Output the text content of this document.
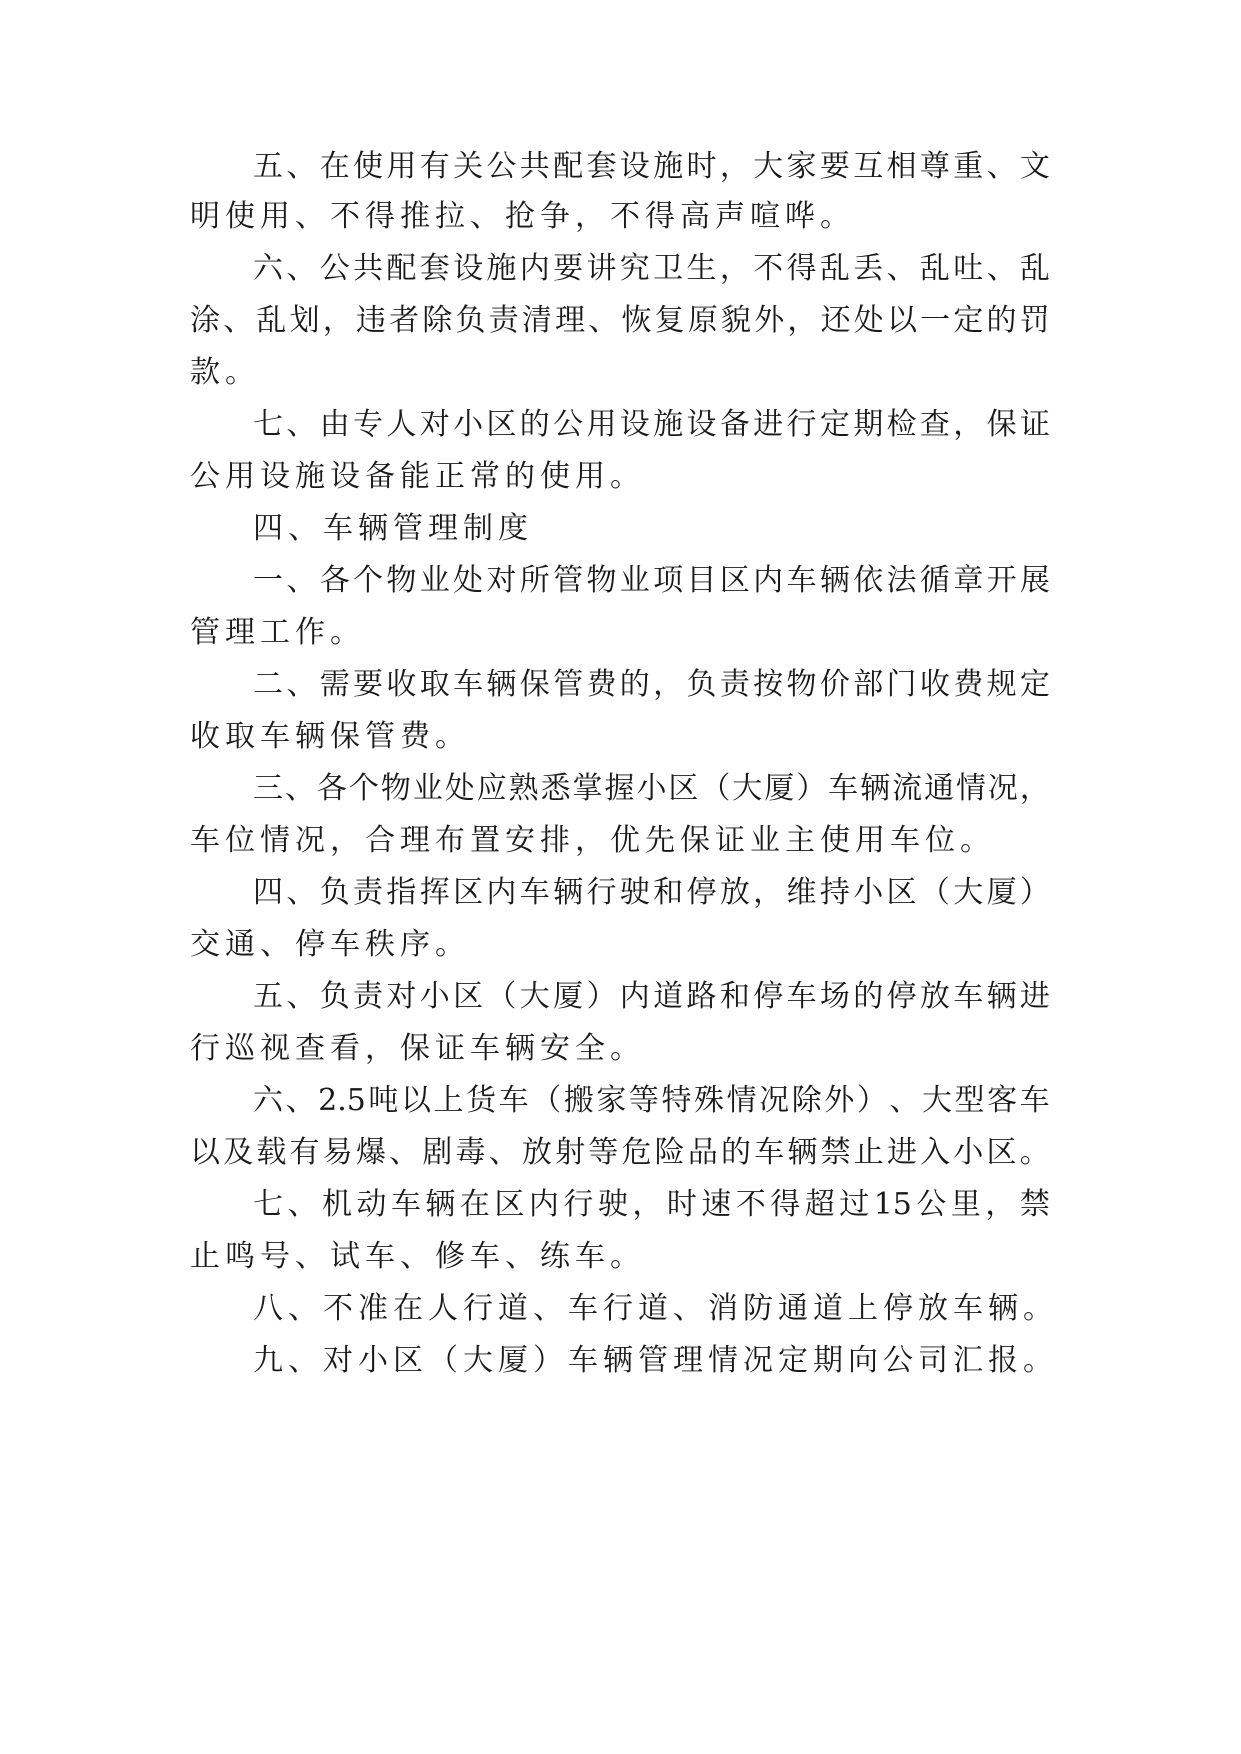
五 、 在 使 用 有 关 公 共 配 套 设 施 时 ， 大 家 要 互 相 尊 重 、 文
明使用、不得推拉、抢争，不得高声喧哗。
六 、 公 共 配 套 设 施 内 要 讲 究 卫 生 ， 不 得 乱 丢 、 乱 吐 、 乱
涂 、 乱 划 ， 违 者 除 负 责 清 理 、 恢 复 原 貌 外 ， 还 处 以 一 定 的 罚
款。
七 、 由 专 人 对 小 区 的 公 用 设 施 设 备 进 行 定 期 检 查 ， 保 证
公用设施设备能正常的使用。
四、车辆管理制度
一 、 各 个 物 业 处 对 所 管 物 业 项 目 区 内 车 辆 依 法 循 章 开 展
管理工作。
二 、 需 要 收 取 车 辆 保 管 费 的 ， 负 责 按 物 价 部 门 收 费 规 定
收取车辆保管费。
三 、 各 个 物 业 处 应 熟 悉 掌 握 小 区 （ 大 厦 ） 车 辆 流 通 情 况 ，
车位情况，合理布置安排，优先保证业主使用车位。
四 、 负 责 指 挥 区 内 车 辆 行 驶 和 停 放 ， 维 持 小 区 （ 大 厦 ）
交通、停车秩序。
五 、 负 责 对 小 区 （ 大 厦 ） 内 道 路 和 停 车 场 的 停 放 车 辆 进
行巡视查看，保证车辆安全。
六 、 2.5 吨 以 上 货 车 （ 搬 家 等 特 殊 情 况 除 外 ） 、 大 型 客 车
以 及 载 有 易 爆 、 剧 毒 、 放 射 等 危 险 品 的 车 辆 禁 止 进 入 小 区 。
七 、 机 动 车 辆 在 区 内 行 驶 ， 时 速 不 得 超 过 15 公 里 ， 禁
止鸣号、试车、修车、练车。
八、不准在人行道、车行道、消防通道上停放车辆。
九、对小区（大厦）车辆管理情况定期向公司汇报。
